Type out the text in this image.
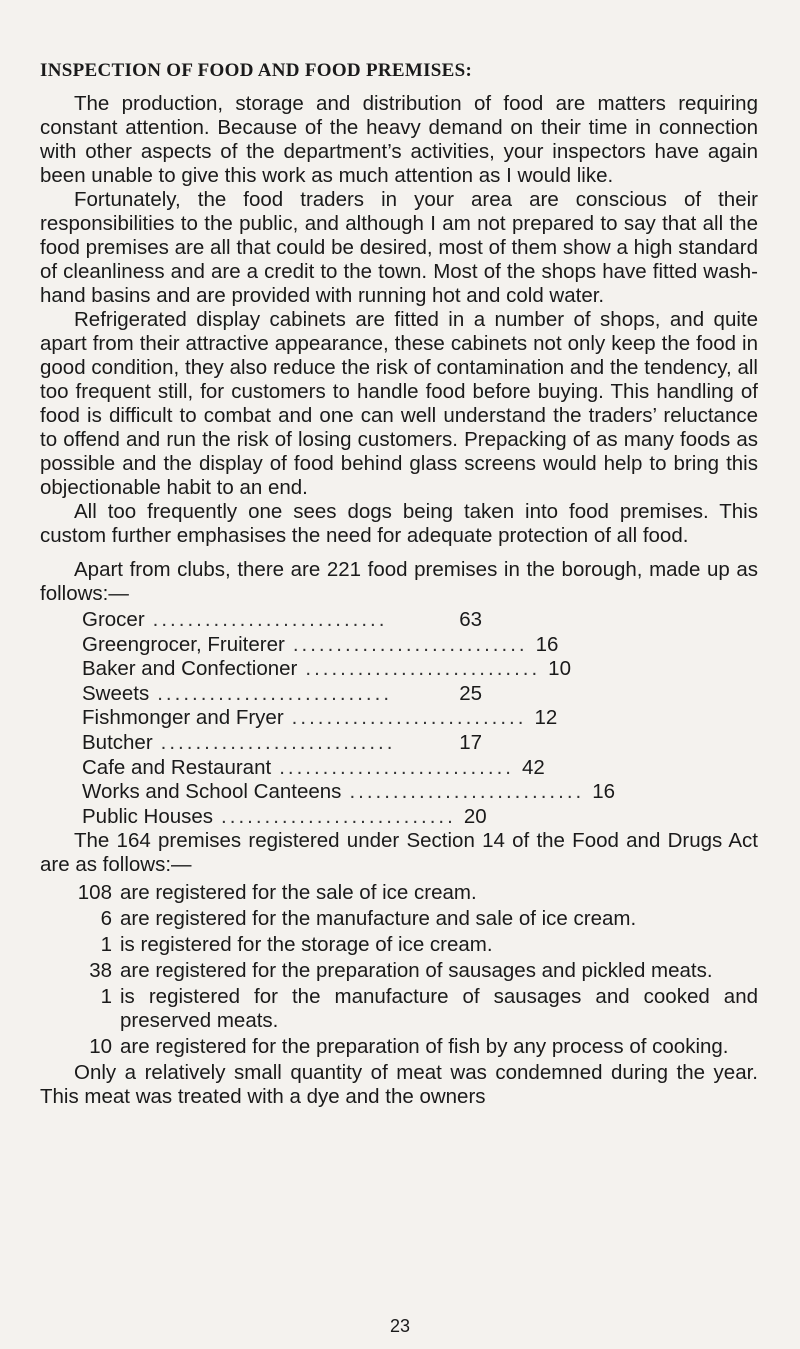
INSPECTION OF FOOD AND FOOD PREMISES:

The production, storage and distribution of food are matters requiring constant attention. Because of the heavy demand on their time in connection with other aspects of the department’s activities, your inspectors have again been unable to give this work as much attention as I would like.

Fortunately, the food traders in your area are conscious of their responsibilities to the public, and although I am not prepared to say that all the food premises are all that could be desired, most of them show a high standard of cleanliness and are a credit to the town. Most of the shops have fitted wash-hand basins and are provided with running hot and cold water.

Refrigerated display cabinets are fitted in a number of shops, and quite apart from their attractive appearance, these cabinets not only keep the food in good condition, they also reduce the risk of contamination and the tendency, all too frequent still, for customers to handle food before buying. This handling of food is difficult to combat and one can well understand the traders’ reluctance to offend and run the risk of losing customers. Prepacking of as many foods as possible and the display of food behind glass screens would help to bring this objectionable habit to an end.

All too frequently one sees dogs being taken into food premises. This custom further emphasises the need for adequate protection of all food.

Apart from clubs, there are 221 food premises in the borough, made up as follows:—

Grocer ...........................	63
Greengrocer, Fruiterer ........................... 16
Baker and Confectioner ........................... 10
Sweets ...........................	25
Fishmonger and Fryer ........................... 12
Butcher ...........................	17
Cafe and Restaurant ........................... 42
Works and School Canteens ........................... 16
Public Houses ........................... 20

The 164 premises registered under Section 14 of the Food and Drugs Act are as follows:—

108 are registered for the sale of ice cream.
6 are registered for the manufacture and sale of ice cream.
1 is registered for the storage of ice cream.
38 are registered for the preparation of sausages and pickled meats.
1 is registered for the manufacture of sausages and cooked and preserved meats.
10 are registered for the preparation of fish by any process of cooking.

Only a relatively small quantity of meat was condemned during the year. This meat was treated with a dye and the owners

23
